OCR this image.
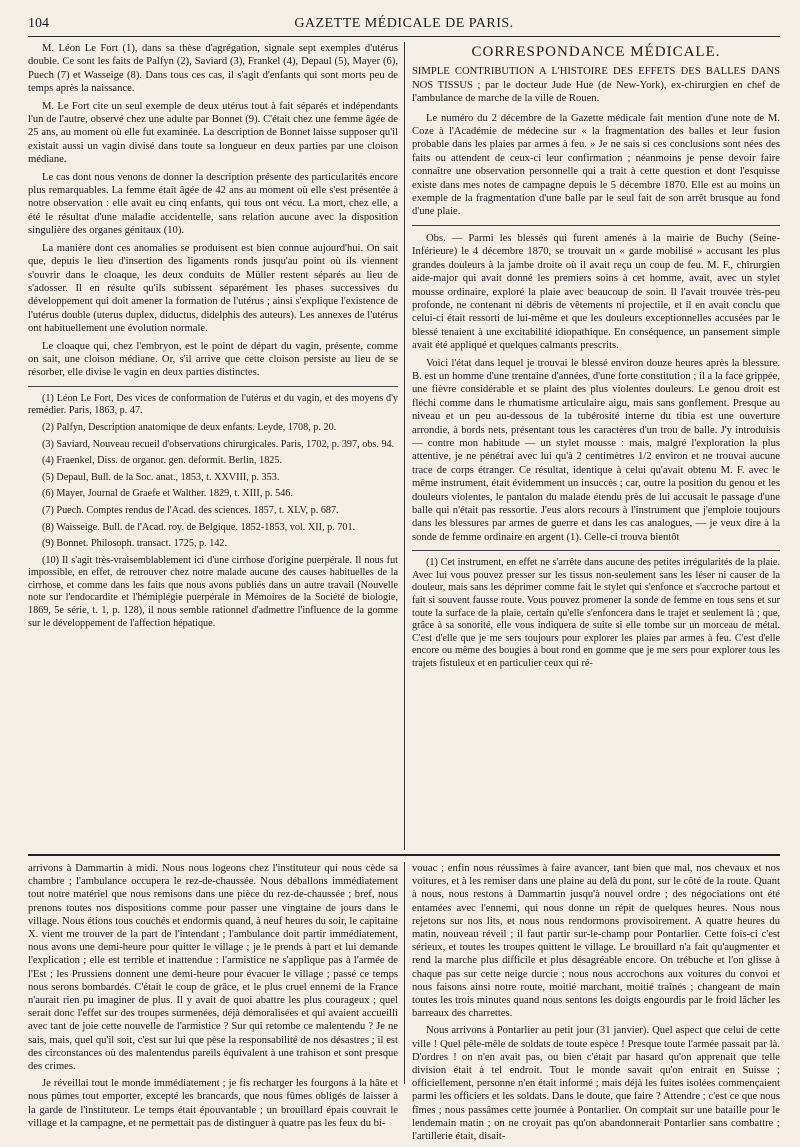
104	GAZETTE MÉDICALE DE PARIS.

M. Léon Le Fort (1), dans sa thèse d'agrégation, signale sept exemples d'utérus double. Ce sont les faits de Palfyn (2), Saviard (3), Frankel (4), Depaul (5), Mayer (6), Puech (7) et Wasseige (8). Dans tous ces cas, il s'agit d'enfants qui sont morts peu de temps après la naissance.

M. Le Fort cite un seul exemple de deux utérus tout à fait séparés et indépendants l'un de l'autre, observé chez une adulte par Bonnet (9). C'était chez une femme âgée de 25 ans, au moment où elle fut examinée. La description de Bonnet laisse supposer qu'il existait aussi un vagin divisé dans toute sa longueur en deux parties par une cloison médiane.

Le cas dont nous venons de donner la description présente des particularités encore plus remarquables. La femme était âgée de 42 ans au moment où elle s'est présentée à notre observation : elle avait eu cinq enfants, qui tous ont vécu. La mort, chez elle, a été le résultat d'une maladie accidentelle, sans relation aucune avec la disposition singulière des organes génitaux (10).

La manière dont ces anomalies se produisent est bien connue aujourd'hui. On sait que, depuis le lieu d'insertion des ligaments ronds jusqu'au point où ils viennent s'ouvrir dans le cloaque, les deux conduits de Müller restent séparés au lieu de s'adosser. Il en résulte qu'ils subissent séparément les phases successives du développement qui doit amener la formation de l'utérus ; ainsi s'explique l'existence de l'utérus double (uterus duplex, diductus, didelphis des auteurs). Les annexes de l'utérus ont habituellement une évolution normale.

Le cloaque qui, chez l'embryon, est le point de départ du vagin, présente, comme on sait, une cloison médiane. Or, s'il arrive que cette cloison persiste au lieu de se résorber, elle divise le vagin en deux parties distinctes.

(1) Léon Le Fort, Des vices de conformation de l'utérus et du vagin, et des moyens d'y remédier. Paris, 1863, p. 47.

(2) Palfyn, Description anatomique de deux enfants. Leyde, 1708, p. 20.

(3) Saviard, Nouveau recueil d'observations chirurgicales. Paris, 1702, p. 397, obs. 94.

(4) Fraenkel, Diss. de organor. gen. deformit. Berlin, 1825.

(5) Depaul, Bull. de la Soc. anat., 1853, t. XXVIII, p. 353.

(6) Mayer, Journal de Graefe et Walther. 1829, t. XIII, p. 546.

(7) Puech. Comptes rendus de l'Acad. des sciences. 1857, t. XLV, p. 687.

(8) Waisseige. Bull. de l'Acad. roy. de Belgique. 1852-1853, vol. XII, p. 701.

(9) Bonnet. Philosoph. transact. 1725, p. 142.

(10) Il s'agit très-vraisemblablement ici d'une cirrhose d'origine puerpérale. Il nous fut impossible, en effet, de retrouver chez notre malade aucune des causes habituelles de la cirrhose, et comme dans les faits que nous avons publiés dans un autre travail (Nouvelle note sur l'endocardite et l'hémiplégie puerpérale in Mémoires de la Société de biologie, 1869, 5e série, t. 1, p. 128), il nous semble rationnel d'admettre l'influence de la gomme sur le développement de l'affection hépatique.

CORRESPONDANCE MÉDICALE.

SIMPLE CONTRIBUTION A L'HISTOIRE DES EFFETS DES BALLES DANS NOS TISSUS ; par le docteur Jude Hue (de New-York), ex-chirurgien en chef de l'ambulance de marche de la ville de Rouen.

Le numéro du 2 décembre de la Gazette médicale fait mention d'une note de M. Coze à l'Académie de médecine sur « la fragmentation des balles et leur fusion probable dans les plaies par armes à feu. » Je ne sais si ces conclusions sont nées des faits ou attendent de ceux-ci leur confirmation ; néanmoins je pense devoir faire connaître une observation personnelle qui a trait à cette question et dont l'esquisse existe dans mes notes de campagne depuis le 5 décembre 1870. Elle est au moins un exemple de la fragmentation d'une balle par le seul fait de son arrêt brusque au fond d'une plaie.

Obs. — Parmi les blessés qui furent amenés à la mairie de Buchy (Seine-Inférieure) le 4 décembre 1870, se trouvait un « garde mobilisé » accusant les plus grandes douleurs à la jambe droite où il avait reçu un coup de feu. M. F., chirurgien aide-major qui avait donné les premiers soins à cet homme, avait, avec un stylet mousse ordinaire, exploré la plaie avec beaucoup de soin. Il l'avait trouvée très-peu profonde, ne contenant ni débris de vêtements ni projectile, et il en avait conclu que celui-ci était ressorti de lui-même et que les douleurs exceptionnelles accusées par le blessé tenaient à une excitabilité idiopathique. En conséquence, un pansement simple avait été appliqué et quelques calmants prescrits.

Voici l'état dans lequel je trouvai le blessé environ douze heures après la blessure. B. est un homme d'une trentaine d'années, d'une forte constitution ; il a la face grippée, une fièvre considérable et se plaint des plus violentes douleurs. Le genou droit est fléchi comme dans le rhumatisme articulaire aigu, mais sans gonflement. Presque au niveau et un peu au-dessous de la tubérosité interne du tibia est une ouverture arrondie, à bords nets, présentant tous les caractères d'un trou de balle. J'y introduisis — contre mon habitude — un stylet mousse : mais, malgré l'exploration la plus attentive, je ne pénétrai avec lui qu'à 2 centimètres 1/2 environ et ne trouvai aucune trace de corps étranger. Ce résultat, identique à celui qu'avait obtenu M. F. avec le même instrument, était évidemment un insuccès ; car, outre la position du genou et les douleurs violentes, le pantalon du malade étendu près de lui accusait le passage d'une balle qui n'était pas ressortie. J'eus alors recours à l'instrument que j'emploie toujours dans les blessures par armes de guerre et dans les cas analogues, — je veux dire à la sonde de femme ordinaire en argent (1). Celle-ci trouva bientôt

(1) Cet instrument, en effet ne s'arrête dans aucune des petites irrégularités de la plaie. Avec lui vous pouvez presser sur les tissus non-seulement sans les léser ni causer de la douleur, mais sans les déprimer comme fait le stylet qui s'enfonce et s'accroche partout et fait si souvent fausse route. Vous pouvez promener la sonde de femme en tous sens et sur toute la surface de la plaie, certain qu'elle s'enfoncera dans le trajet et seulement là ; que, grâce à sa sonorité, elle vous indiquera de suite si elle tombe sur un morceau de métal. C'est d'elle que je me sers toujours pour explorer les plaies par armes à feu. C'est d'elle encore ou même des bougies à bout rond en gomme que je me sers pour explorer tous les trajets fistuleux et en particulier ceux qui ré-

arrivons à Dammartin à midi. Nous nous logeons chez l'instituteur qui nous cède sa chambre ; l'ambulance occupera le rez-de-chaussée. Nous déballons immédiatement tout notre matériel que nous remisons dans une pièce du rez-de-chaussée ; bref, nous prenons toutes nos dispositions comme pour passer une vingtaine de jours dans le village. Nous étions tous couchés et endormis quand, à neuf heures du soir, le capitaine X. vient me trouver de la part de l'intendant ; l'ambulance doit partir immédiatement, nous avons une demi-heure pour quitter le village ; je le prends à part et lui demande l'explication ; elle est terrible et inattendue : l'armistice ne s'applique pas à l'armée de l'Est ; les Prussiens donnent une demi-heure pour évacuer le village ; passé ce temps nous serons bombardés. C'était le coup de grâce, et le plus cruel ennemi de la France n'aurait rien pu imaginer de plus. Il y avait de quoi abattre les plus courageux ; quel serait donc l'effet sur des troupes surmenées, déjà démoralisées et qui avaient accueilli avec tant de joie cette nouvelle de l'armistice ? Sur qui retombe ce malentendu ? Je ne sais, mais, quel qu'il soit, c'est sur lui que pèse la responsabilité de nos désastres ; il est des circonstances où des malentendus pareils équivalent à une trahison et sont presque des crimes.

Je réveillai tout le monde immédiatement ; je fis recharger les fourgons à la hâte et nous pûmes tout emporter, excepté les brancards, que nous fûmes obligés de laisser à la garde de l'instituteur. Le temps était épouvantable ; un brouillard épais couvrait le village et la campagne, et ne permettait pas de distinguer à quatre pas les feux du bi-

vouac ; enfin nous réussîmes à faire avancer, tant bien que mal, nos chevaux et nos voitures, et à les remiser dans une plaine au delà du pont, sur le côté de la route. Quant à nous, nous restons à Dammartin jusqu'à nouvel ordre ; des négociations ont été entamées avec l'ennemi, qui nous donne un répit de quelques heures. Nous nous rejetons sur nos lits, et nous nous rendormons provisoirement. A quatre heures du matin, nouveau réveil ; il faut partir sur-le-champ pour Pontarlier. Cette fois-ci c'est sérieux, et toutes les troupes quittent le village. Le brouillard n'a fait qu'augmenter et rend la marche plus difficile et plus désagréable encore. On trébuche et l'on glisse à chaque pas sur cette neige durcie ; nous nous accrochons aux voitures du convoi et nous faisons ainsi notre route, moitié marchant, moitié traînés ; changeant de main toutes les trois minutes quand nous sentons les doigts engourdis par le froid lâcher les barreaux des charrettes.

Nous arrivons à Pontarlier au petit jour (31 janvier). Quel aspect que celui de cette ville ! Quel pêle-mêle de soldats de toute espèce ! Presque toute l'armée passait par là. D'ordres ! on n'en avait pas, ou bien c'était par hasard qu'on apprenait que telle division était à tel endroit. Tout le monde savait qu'on entrait en Suisse ; officiellement, personne n'en était informé ; mais déjà les fuites isolées commençaient parmi les officiers et les soldats. Dans le doute, que faire ? Attendre ; c'est ce que nous fîmes ; nous passâmes cette journée à Pontarlier. On comptait sur une bataille pour le lendemain matin ; on ne croyait pas qu'on abandonnerait Pontarlier sans combattre ; l'artillerie était, disait-
